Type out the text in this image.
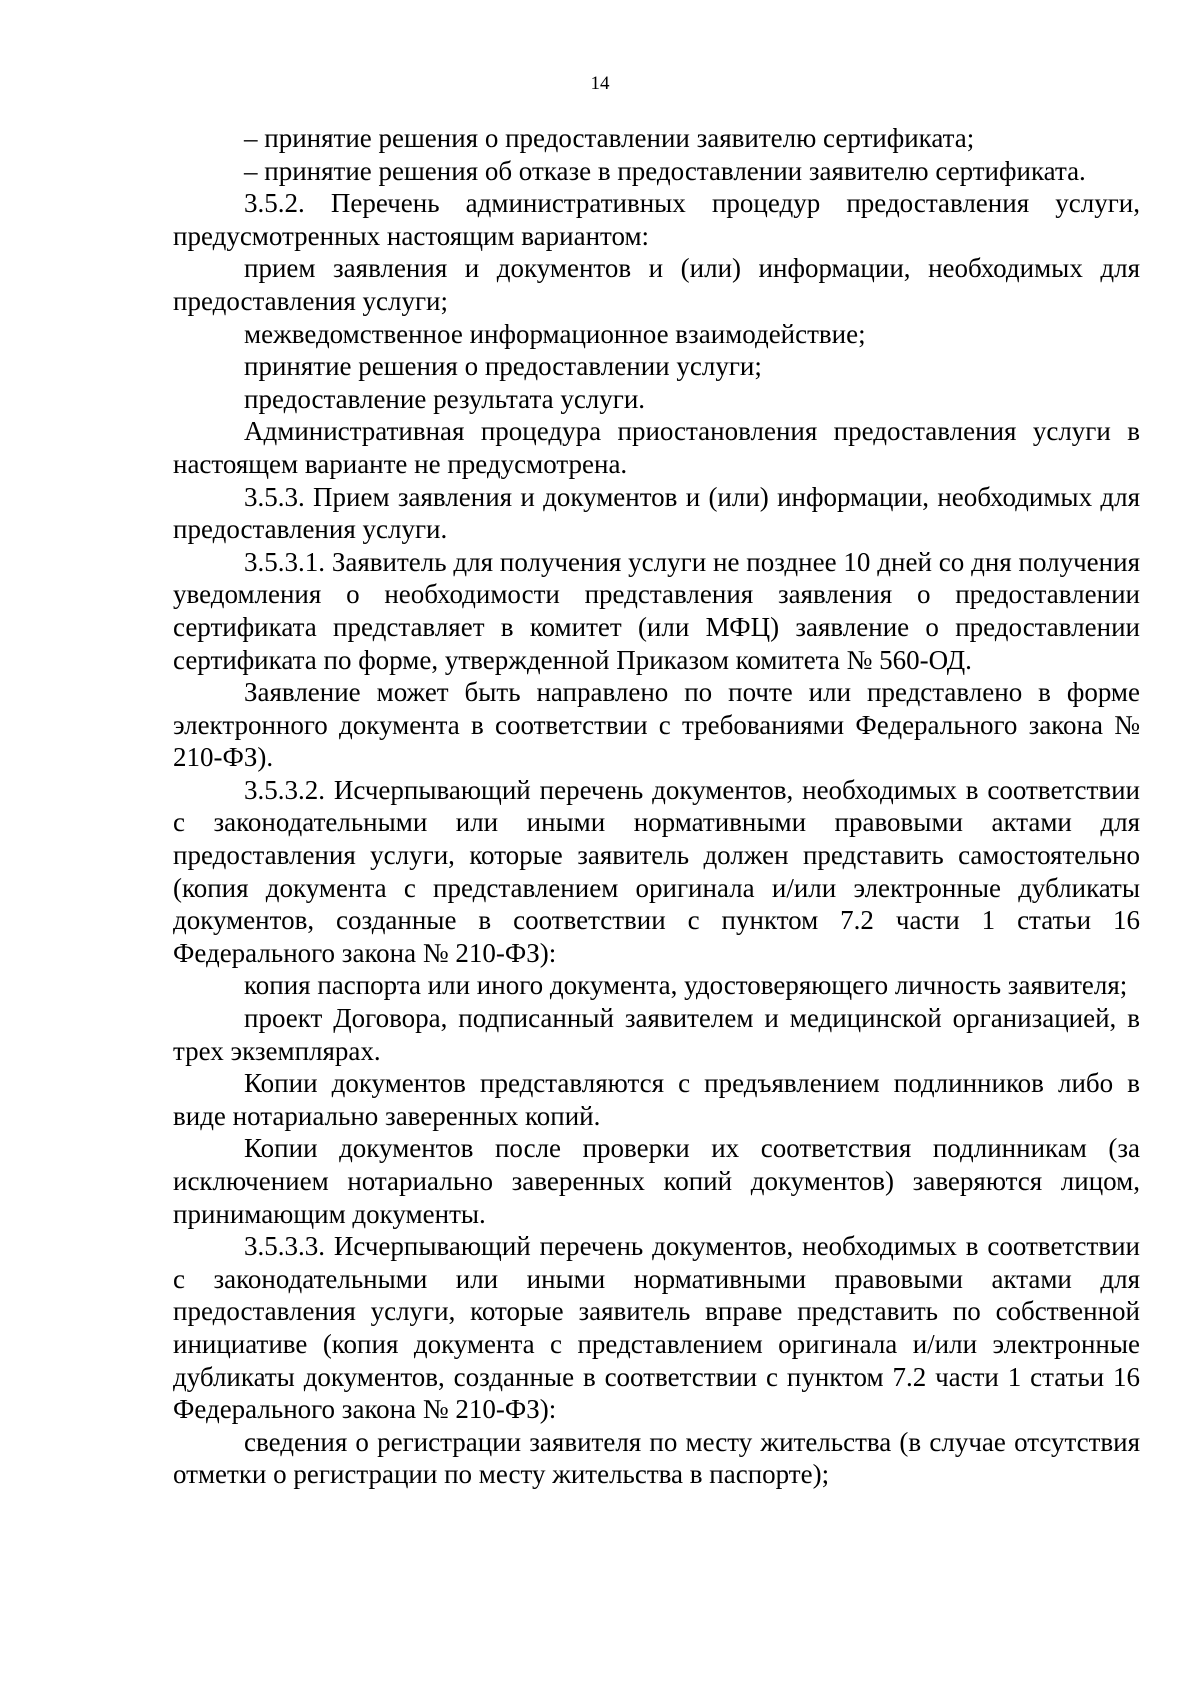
14

– принятие решения о предоставлении заявителю сертификата;

– принятие решения об отказе в предоставлении заявителю сертификата.

3.5.2. Перечень административных процедур предоставления услуги, предусмотренных настоящим вариантом:

прием заявления и документов и (или) информации, необходимых для предоставления услуги;

межведомственное информационное взаимодействие;

принятие решения о предоставлении услуги;

предоставление результата услуги.

Административная процедура приостановления предоставления услуги в настоящем варианте не предусмотрена.

3.5.3. Прием заявления и документов и (или) информации, необходимых для предоставления услуги.

3.5.3.1. Заявитель для получения услуги не позднее 10 дней со дня получения уведомления о необходимости представления заявления о предоставлении сертификата представляет в комитет (или МФЦ) заявление о предоставлении сертификата по форме, утвержденной Приказом комитета № 560-ОД.

Заявление может быть направлено по почте или представлено в форме электронного документа в соответствии с требованиями Федерального закона № 210-ФЗ).

3.5.3.2. Исчерпывающий перечень документов, необходимых в соответствии с законодательными или иными нормативными правовыми актами для предоставления услуги, которые заявитель должен представить самостоятельно (копия документа с представлением оригинала и/или электронные дубликаты документов, созданные в соответствии с пунктом 7.2 части 1 статьи 16 Федерального закона № 210-ФЗ):

копия паспорта или иного документа, удостоверяющего личность заявителя;

проект Договора, подписанный заявителем и медицинской организацией, в трех экземплярах.

Копии документов представляются с предъявлением подлинников либо в виде нотариально заверенных копий.

Копии документов после проверки их соответствия подлинникам (за исключением нотариально заверенных копий документов) заверяются лицом, принимающим документы.

3.5.3.3. Исчерпывающий перечень документов, необходимых в соответствии с законодательными или иными нормативными правовыми актами для предоставления услуги, которые заявитель вправе представить по собственной инициативе (копия документа с представлением оригинала и/или электронные дубликаты документов, созданные в соответствии с пунктом 7.2 части 1 статьи 16 Федерального закона № 210-ФЗ):

сведения о регистрации заявителя по месту жительства (в случае отсутствия отметки о регистрации по месту жительства в паспорте);
